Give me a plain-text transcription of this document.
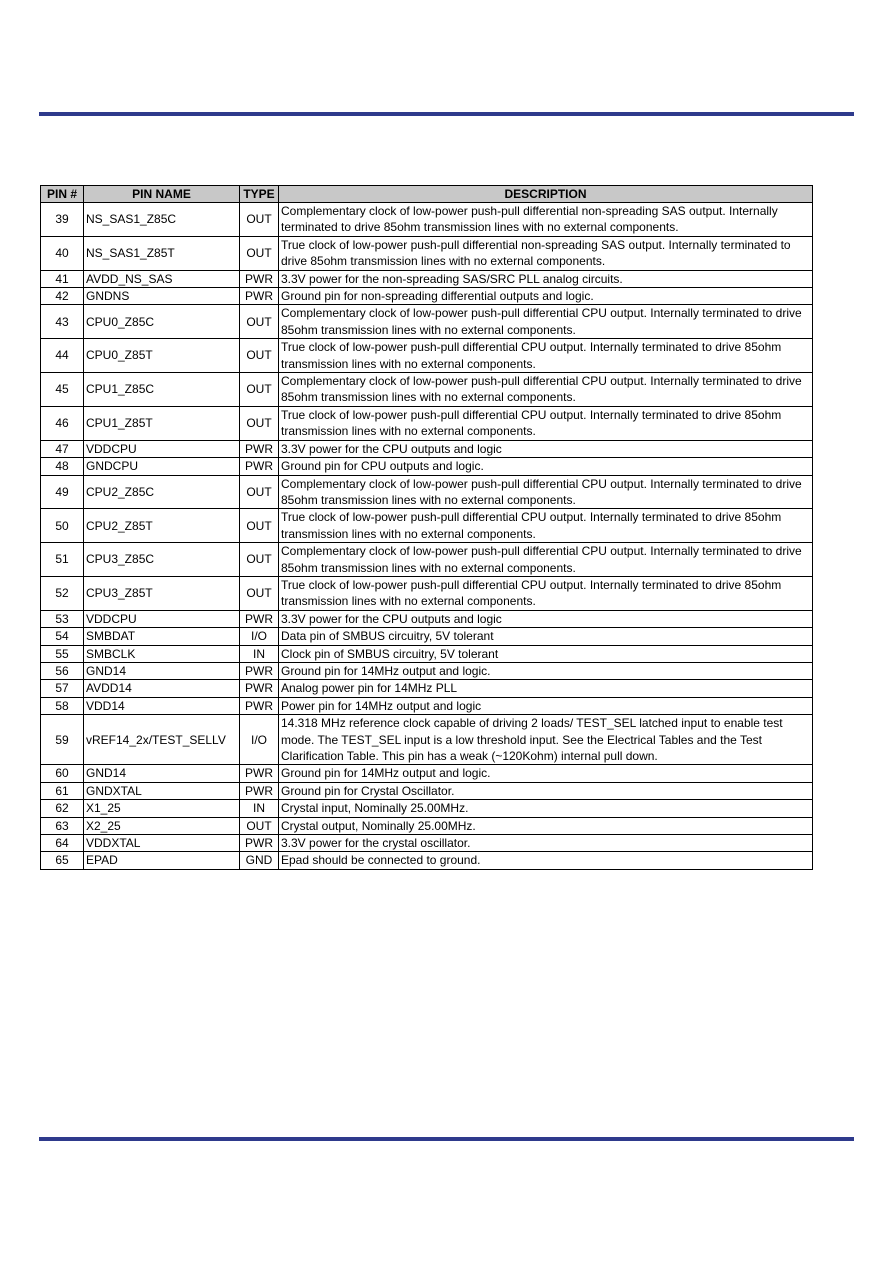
PIN #	PIN NAME	TYPE	DESCRIPTION
39	NS_SAS1_Z85C	OUT	Complementary clock of low-power push-pull differential non-spreading SAS output. Internally terminated to drive 85ohm transmission lines with no external components.
40	NS_SAS1_Z85T	OUT	True clock of low-power push-pull differential non-spreading SAS output. Internally terminated to drive 85ohm transmission lines with no external components.
41	AVDD_NS_SAS	PWR	3.3V power for the non-spreading SAS/SRC PLL analog circuits.
42	GNDNS	PWR	Ground pin for non-spreading differential outputs and logic.
43	CPU0_Z85C	OUT	Complementary clock of low-power push-pull differential CPU output. Internally terminated to drive 85ohm transmission lines with no external components.
44	CPU0_Z85T	OUT	True clock of low-power push-pull differential CPU output. Internally terminated to drive 85ohm transmission lines with no external components.
45	CPU1_Z85C	OUT	Complementary clock of low-power push-pull differential CPU output. Internally terminated to drive 85ohm transmission lines with no external components.
46	CPU1_Z85T	OUT	True clock of low-power push-pull differential CPU output. Internally terminated to drive 85ohm transmission lines with no external components.
47	VDDCPU	PWR	3.3V power for the CPU outputs and logic
48	GNDCPU	PWR	Ground pin for CPU outputs and logic.
49	CPU2_Z85C	OUT	Complementary clock of low-power push-pull differential CPU output. Internally terminated to drive 85ohm transmission lines with no external components.
50	CPU2_Z85T	OUT	True clock of low-power push-pull differential CPU output. Internally terminated to drive 85ohm transmission lines with no external components.
51	CPU3_Z85C	OUT	Complementary clock of low-power push-pull differential CPU output. Internally terminated to drive 85ohm transmission lines with no external components.
52	CPU3_Z85T	OUT	True clock of low-power push-pull differential CPU output. Internally terminated to drive 85ohm transmission lines with no external components.
53	VDDCPU	PWR	3.3V power for the CPU outputs and logic
54	SMBDAT	I/O	Data pin of SMBUS circuitry, 5V tolerant
55	SMBCLK	IN	Clock pin of SMBUS circuitry, 5V tolerant
56	GND14	PWR	Ground pin for 14MHz output and logic.
57	AVDD14	PWR	Analog power pin for 14MHz PLL
58	VDD14	PWR	Power pin for 14MHz output and logic
59	vREF14_2x/TEST_SELLV	I/O	14.318 MHz reference clock capable of driving 2 loads/ TEST_SEL latched input to enable test mode. The TEST_SEL input is a low threshold input. See the Electrical Tables and the Test Clarification Table. This pin has a weak (~120Kohm) internal pull down.
60	GND14	PWR	Ground pin for 14MHz output and logic.
61	GNDXTAL	PWR	Ground pin for Crystal Oscillator.
62	X1_25	IN	Crystal input, Nominally 25.00MHz.
63	X2_25	OUT	Crystal output, Nominally 25.00MHz.
64	VDDXTAL	PWR	3.3V power for the crystal oscillator.
65	EPAD	GND	Epad should be connected to ground.
